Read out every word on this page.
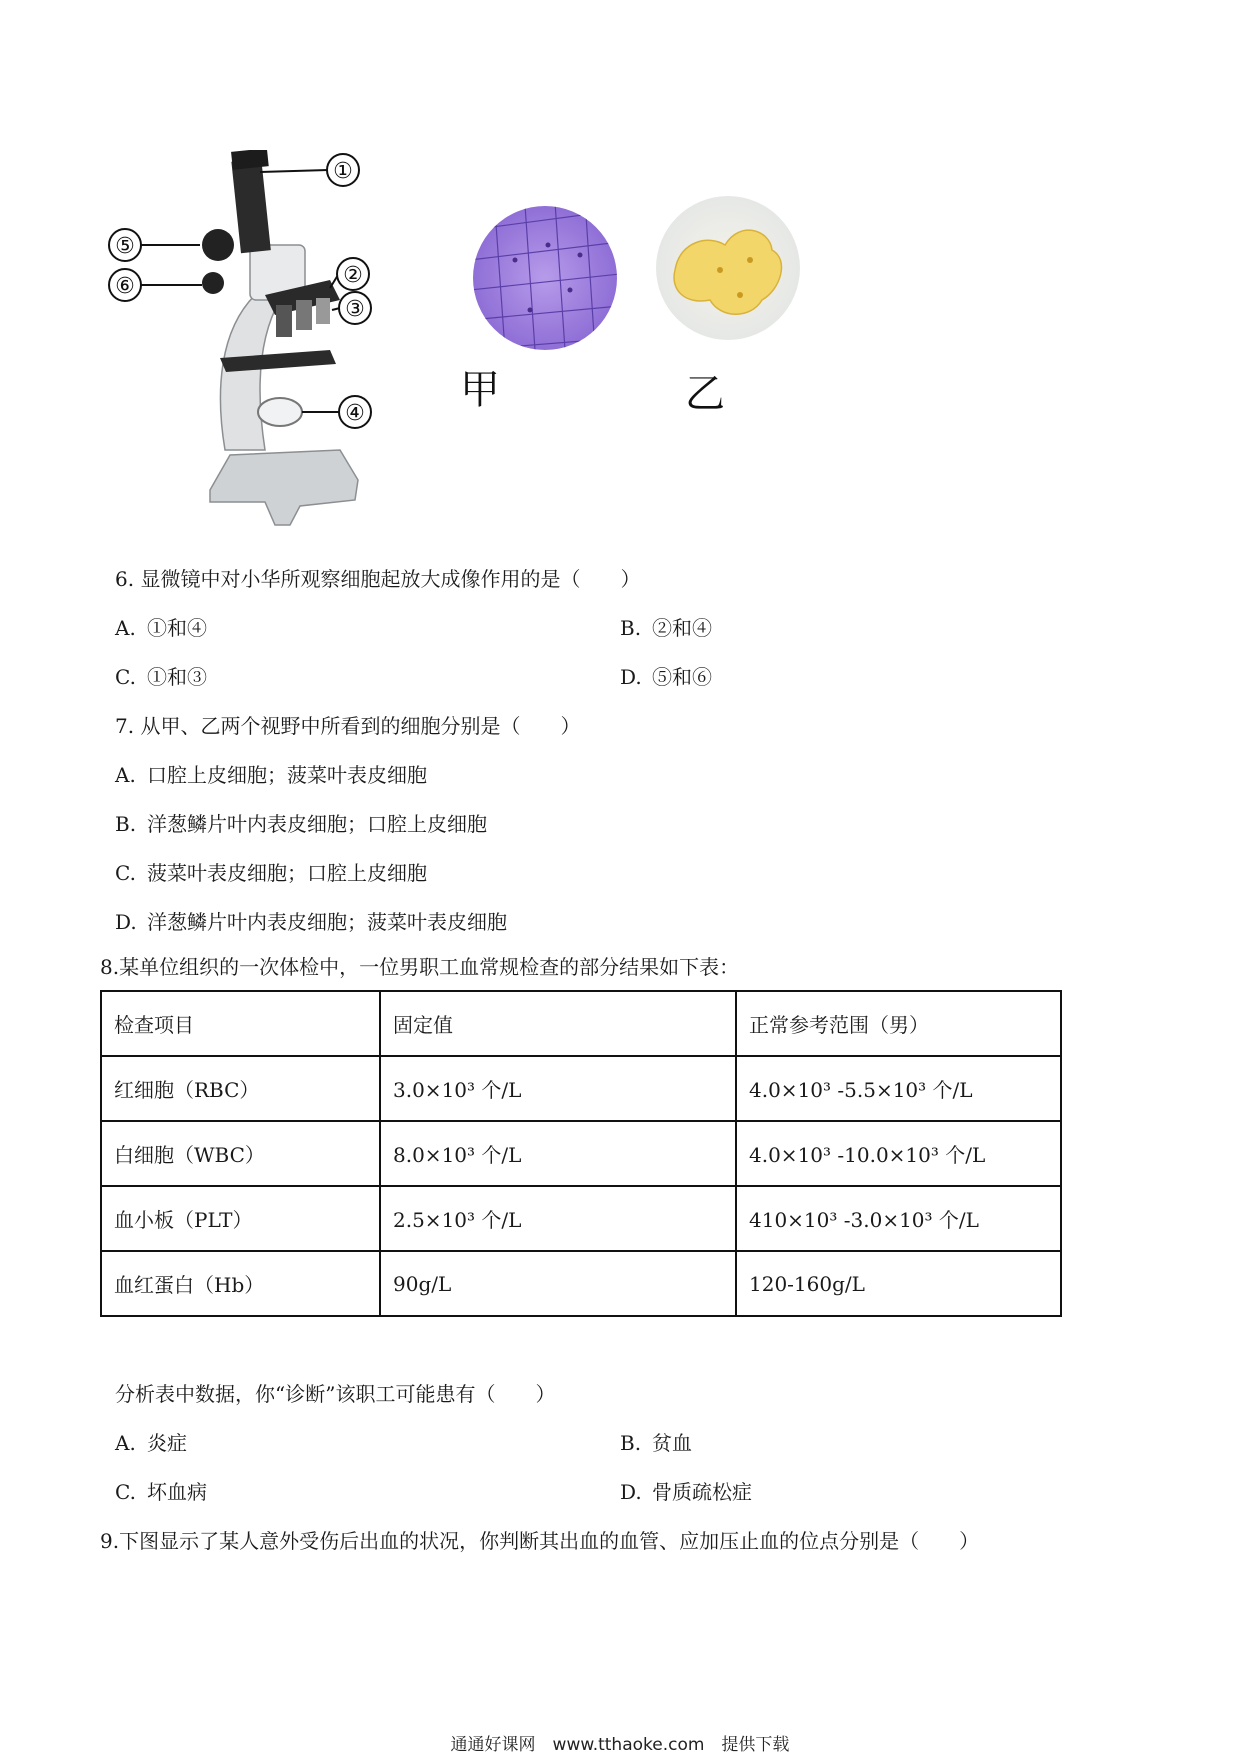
①
⑤
⑥	②
③
④
甲	乙
6. 显微镜中对小华所观察细胞起放大成像作用的是（　　）
A. ①和④	B. ②和④
C. ①和③	D. ⑤和⑥
7. 从甲、乙两个视野中所看到的细胞分别是（　　）
A. 口腔上皮细胞；菠菜叶表皮细胞
B. 洋葱鳞片叶内表皮细胞；口腔上皮细胞
C. 菠菜叶表皮细胞；口腔上皮细胞
D. 洋葱鳞片叶内表皮细胞；菠菜叶表皮细胞
8.某单位组织的一次体检中，一位男职工血常规检查的部分结果如下表：
检查项目	固定值	正常参考范围（男）
红细胞（RBC）	3.0×10³ 个/L	4.0×10³ -5.5×10³ 个/L
白细胞（WBC）	8.0×10³ 个/L	4.0×10³ -10.0×10³ 个/L
血小板（PLT）	2.5×10³ 个/L	410×10³ -3.0×10³ 个/L
血红蛋白（Hb）	90g/L	120-160g/L
分析表中数据，你“诊断”该职工可能患有（　　）
A. 炎症	B. 贫血
C. 坏血病	D. 骨质疏松症
9.下图显示了某人意外受伤后出血的状况，你判断其出血的血管、应加压止血的位点分别是（　　）
通通好课网　www.tthaoke.com　提供下载
